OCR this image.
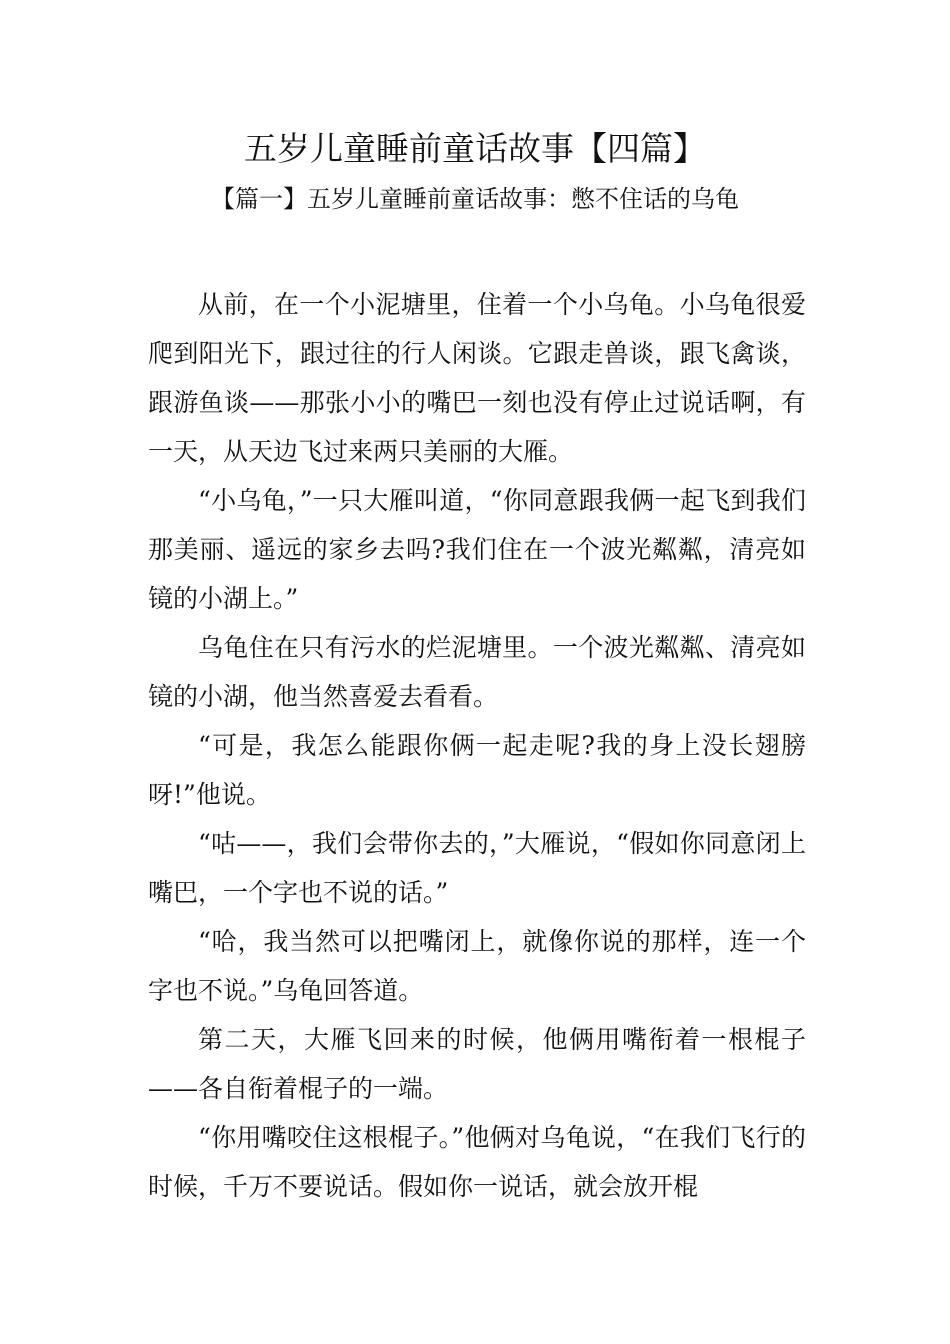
五岁儿童睡前童话故事【四篇】
【篇一】五岁儿童睡前童话故事：憋不住话的乌龟

从前，在一个小泥塘里，住着一个小乌龟。小乌龟很爱爬到阳光下，跟过往的行人闲谈。它跟走兽谈，跟飞禽谈，跟游鱼谈——那张小小的嘴巴一刻也没有停止过说话啊，有一天，从天边飞过来两只美丽的大雁。

“小乌龟，”一只大雁叫道，“你同意跟我俩一起飞到我们那美丽、遥远的家乡去吗?我们住在一个波光粼粼，清亮如镜的小湖上。”

乌龟住在只有污水的烂泥塘里。一个波光粼粼、清亮如镜的小湖，他当然喜爱去看看。

“可是，我怎么能跟你俩一起走呢?我的身上没长翅膀呀!”他说。

“咕——，我们会带你去的，”大雁说，“假如你同意闭上嘴巴，一个字也不说的话。”

“哈，我当然可以把嘴闭上，就像你说的那样，连一个字也不说。”乌龟回答道。

第二天，大雁飞回来的时候，他俩用嘴衔着一根棍子——各自衔着棍子的一端。

“你用嘴咬住这根棍子。”他俩对乌龟说，“在我们飞行的时候，千万不要说话。假如你一说话，就会放开棍
